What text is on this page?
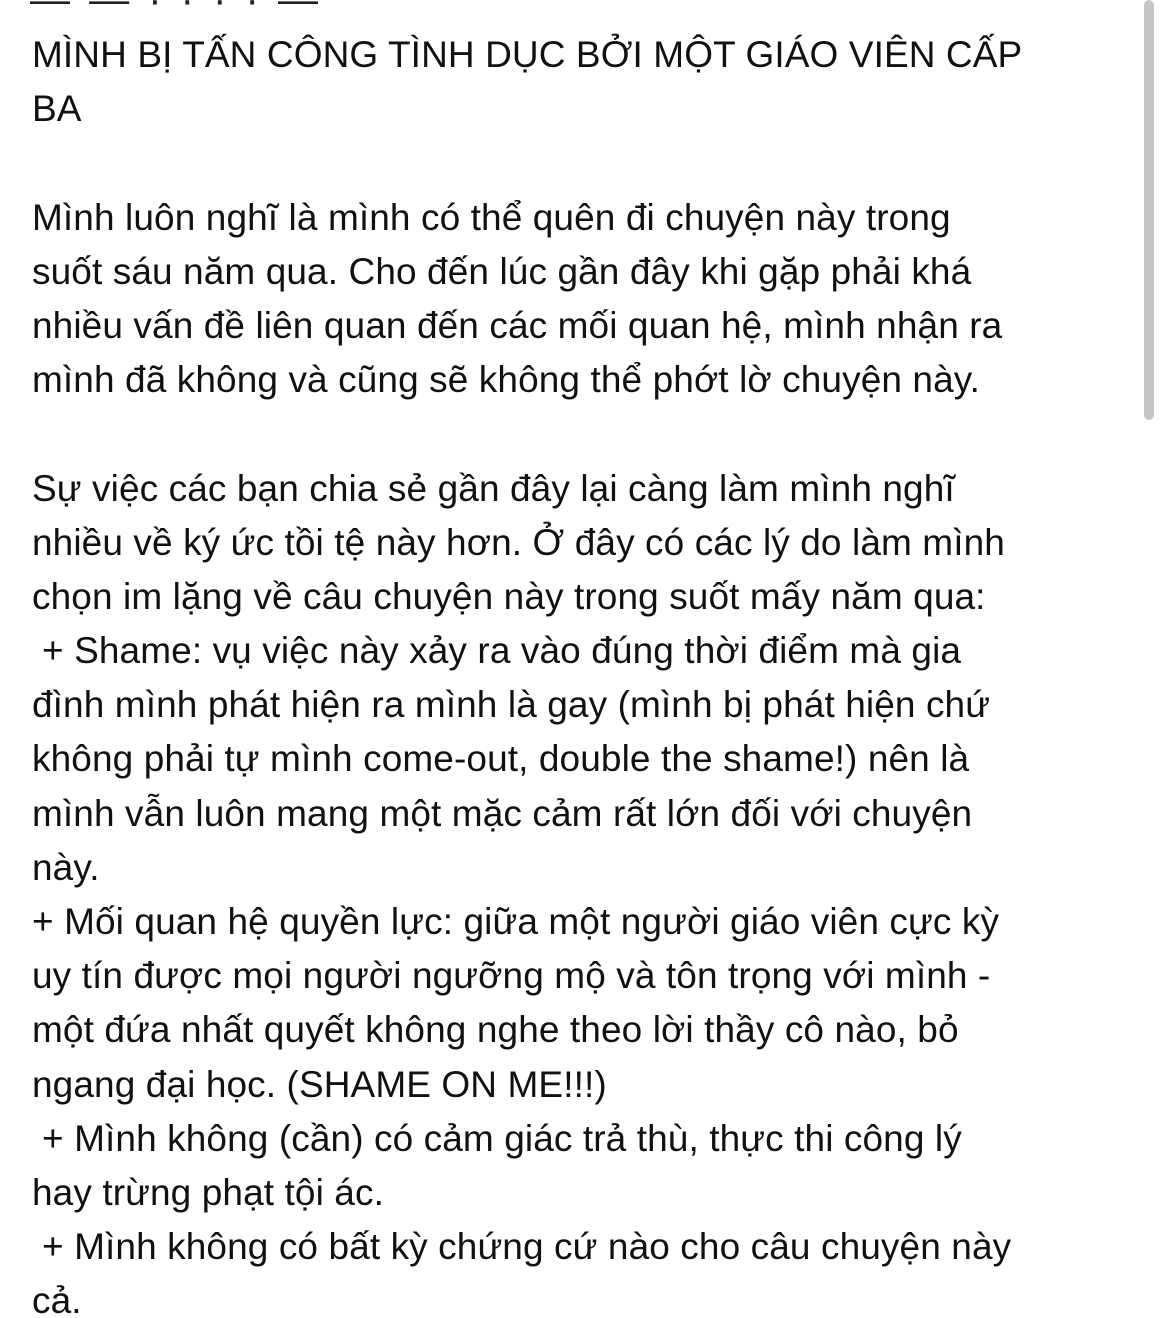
— — · · · · —
MÌNH BỊ TẤN CÔNG TÌNH DỤC BỞI MỘT GIÁO VIÊN CẤP
BA
Mình luôn nghĩ là mình có thể quên đi chuyện này trong
suốt sáu năm qua. Cho đến lúc gần đây khi gặp phải khá
nhiều vấn đề liên quan đến các mối quan hệ, mình nhận ra
mình đã không và cũng sẽ không thể phớt lờ chuyện này.
Sự việc các bạn chia sẻ gần đây lại càng làm mình nghĩ
nhiều về ký ức tồi tệ này hơn. Ở đây có các lý do làm mình
chọn im lặng về câu chuyện này trong suốt mấy năm qua:
+ Shame: vụ việc này xảy ra vào đúng thời điểm mà gia
đình mình phát hiện ra mình là gay (mình bị phát hiện chứ
không phải tự mình come-out, double the shame!) nên là
mình vẫn luôn mang một mặc cảm rất lớn đối với chuyện
này.
+ Mối quan hệ quyền lực: giữa một người giáo viên cực kỳ
uy tín được mọi người ngưỡng mộ và tôn trọng với mình -
một đứa nhất quyết không nghe theo lời thầy cô nào, bỏ
ngang đại học. (SHAME ON ME!!!)
+ Mình không (cần) có cảm giác trả thù, thực thi công lý
hay trừng phạt tội ác.
+ Mình không có bất kỳ chứng cứ nào cho câu chuyện này
cả.
